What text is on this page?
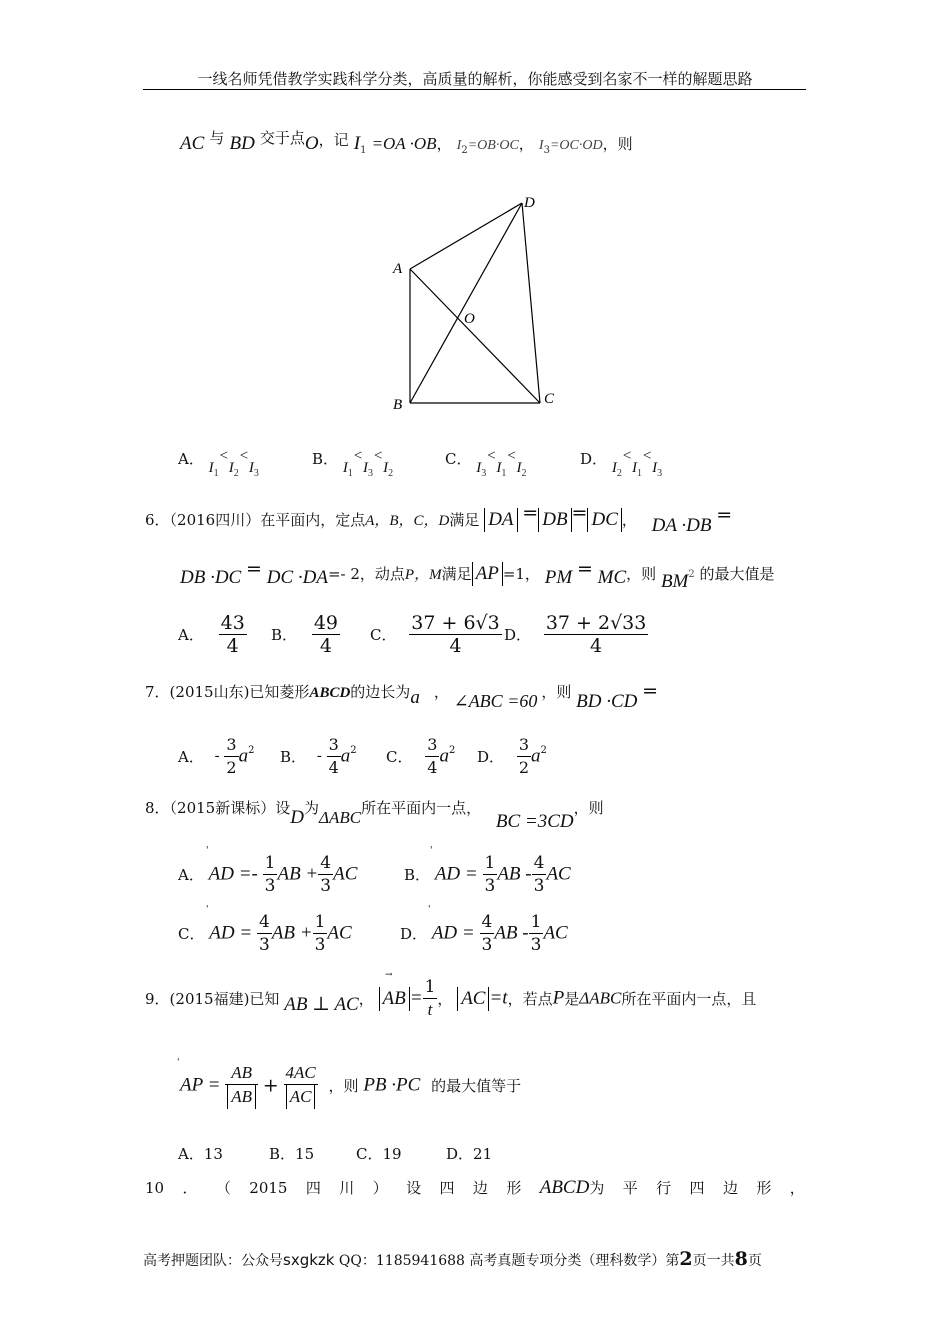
一线名师凭借教学实践科学分类，高质量的解析，你能感受到名家不一样的解题思路
AC 与 BD 交于点O，记 $I_1 =OA \cdot OB$， $I_2=OB\cdot OC$， $I_3=OC\cdot OD$，则
D
A
O
B	C
A． $I_1<I_2<I_3$
B． $I_1<I_3<I_2$
C． $I_3<I_1<I_2$
D． $I_2<I_1<I_3$
6．（2016四川）在平面内，定点A，B，C，D满足 DA = DB = DC ， DA ·DB =
DB ·DC = DC ·DA=- 2，动点P，M满足 AP =1， PM = MC，则 BM2 的最大值是
A． $\frac{43}{4}$ B． $\frac{49}{4}$ C． $\frac{37 + 6√3}{4}$ D． $\frac{37 + 2√33}{4}$
7．(2015山东)已知菱形ABCD的边长为a ， ∠ABC =60 ，则 BD ·CD =
A． - $\frac{3}{2} a^2$ B． - $\frac{3}{4} a^2$ C． $\frac{3}{4} a^2$ D． $\frac{3}{2} a^2$
8．（2015新课标）设D为ΔABC所在平面内一点， BC =3CD，则
'
A． AD =- $\frac{1}{3}$ AB + $\frac{4}{3}$ AC
'
B． AD = $\frac{1}{3}$ AB - $\frac{4}{3}$ AC
'
C． AD = $\frac{4}{3}$ AB + $\frac{1}{3}$ AC
'
D． AD = $\frac{4}{3}$ AB - $\frac{1}{3}$ AC
→
9．(2015福建)已知 AB ⊥ AC， AB = $\frac{1}{t}$ ， AC =t，若点P是ΔABC所在平面内一点，且
'
AP = $\frac{AB}{AB} + \frac{4AC}{AC}$ ，则 PB ·PC 的最大值等于
A．13	B．15	C．19	D．21
10 ． （ 2015 四 川 ） 设 四 边 形 ABCD为 平 行 四 边 形 ，
高考押题团队：公众号sxgkzk QQ：1185941688 高考真题专项分类（理科数学）第2页一共8页
